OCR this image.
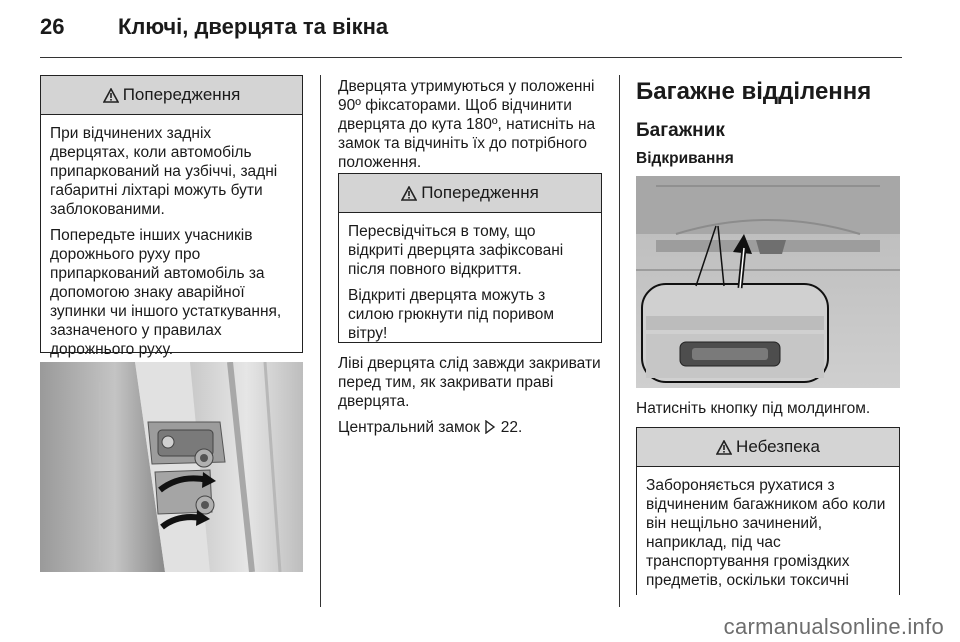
26 Ключі, дверцята та вікна
Попередження

При відчинених задніх дверцятах, коли автомобіль припаркований на узбіччі, задні габаритні ліхтарі можуть бути заблокованими.

Попередьте інших учасників дорожнього руху про припаркований автомобіль за допомогою знаку аварійної зупинки чи іншого устаткування, зазначеного у правилах дорожнього руху.

Дверцята утримуються у положенні 90º фіксаторами. Щоб відчинити дверцята до кута 180º, натисніть на замок та відчиніть їх до потрібного положення.

Попередження

Пересвідчіться в тому, що відкриті дверцята зафіксовані після повного відкриття.

Відкриті дверцята можуть з силою грюкнути під поривом вітру!

Ліві дверцята слід завжди закривати перед тим, як закривати праві дверцята.

Центральний замок 22.

Багажне відділення
Багажник
Відкривання

Натисніть кнопку під молдингом.

Небезпека

Забороняється рухатися з відчиненим багажником або коли він нещільно зачинений, наприклад, під час транспортування громіздких предметів, оскільки токсичні

carmanualsonline.info
